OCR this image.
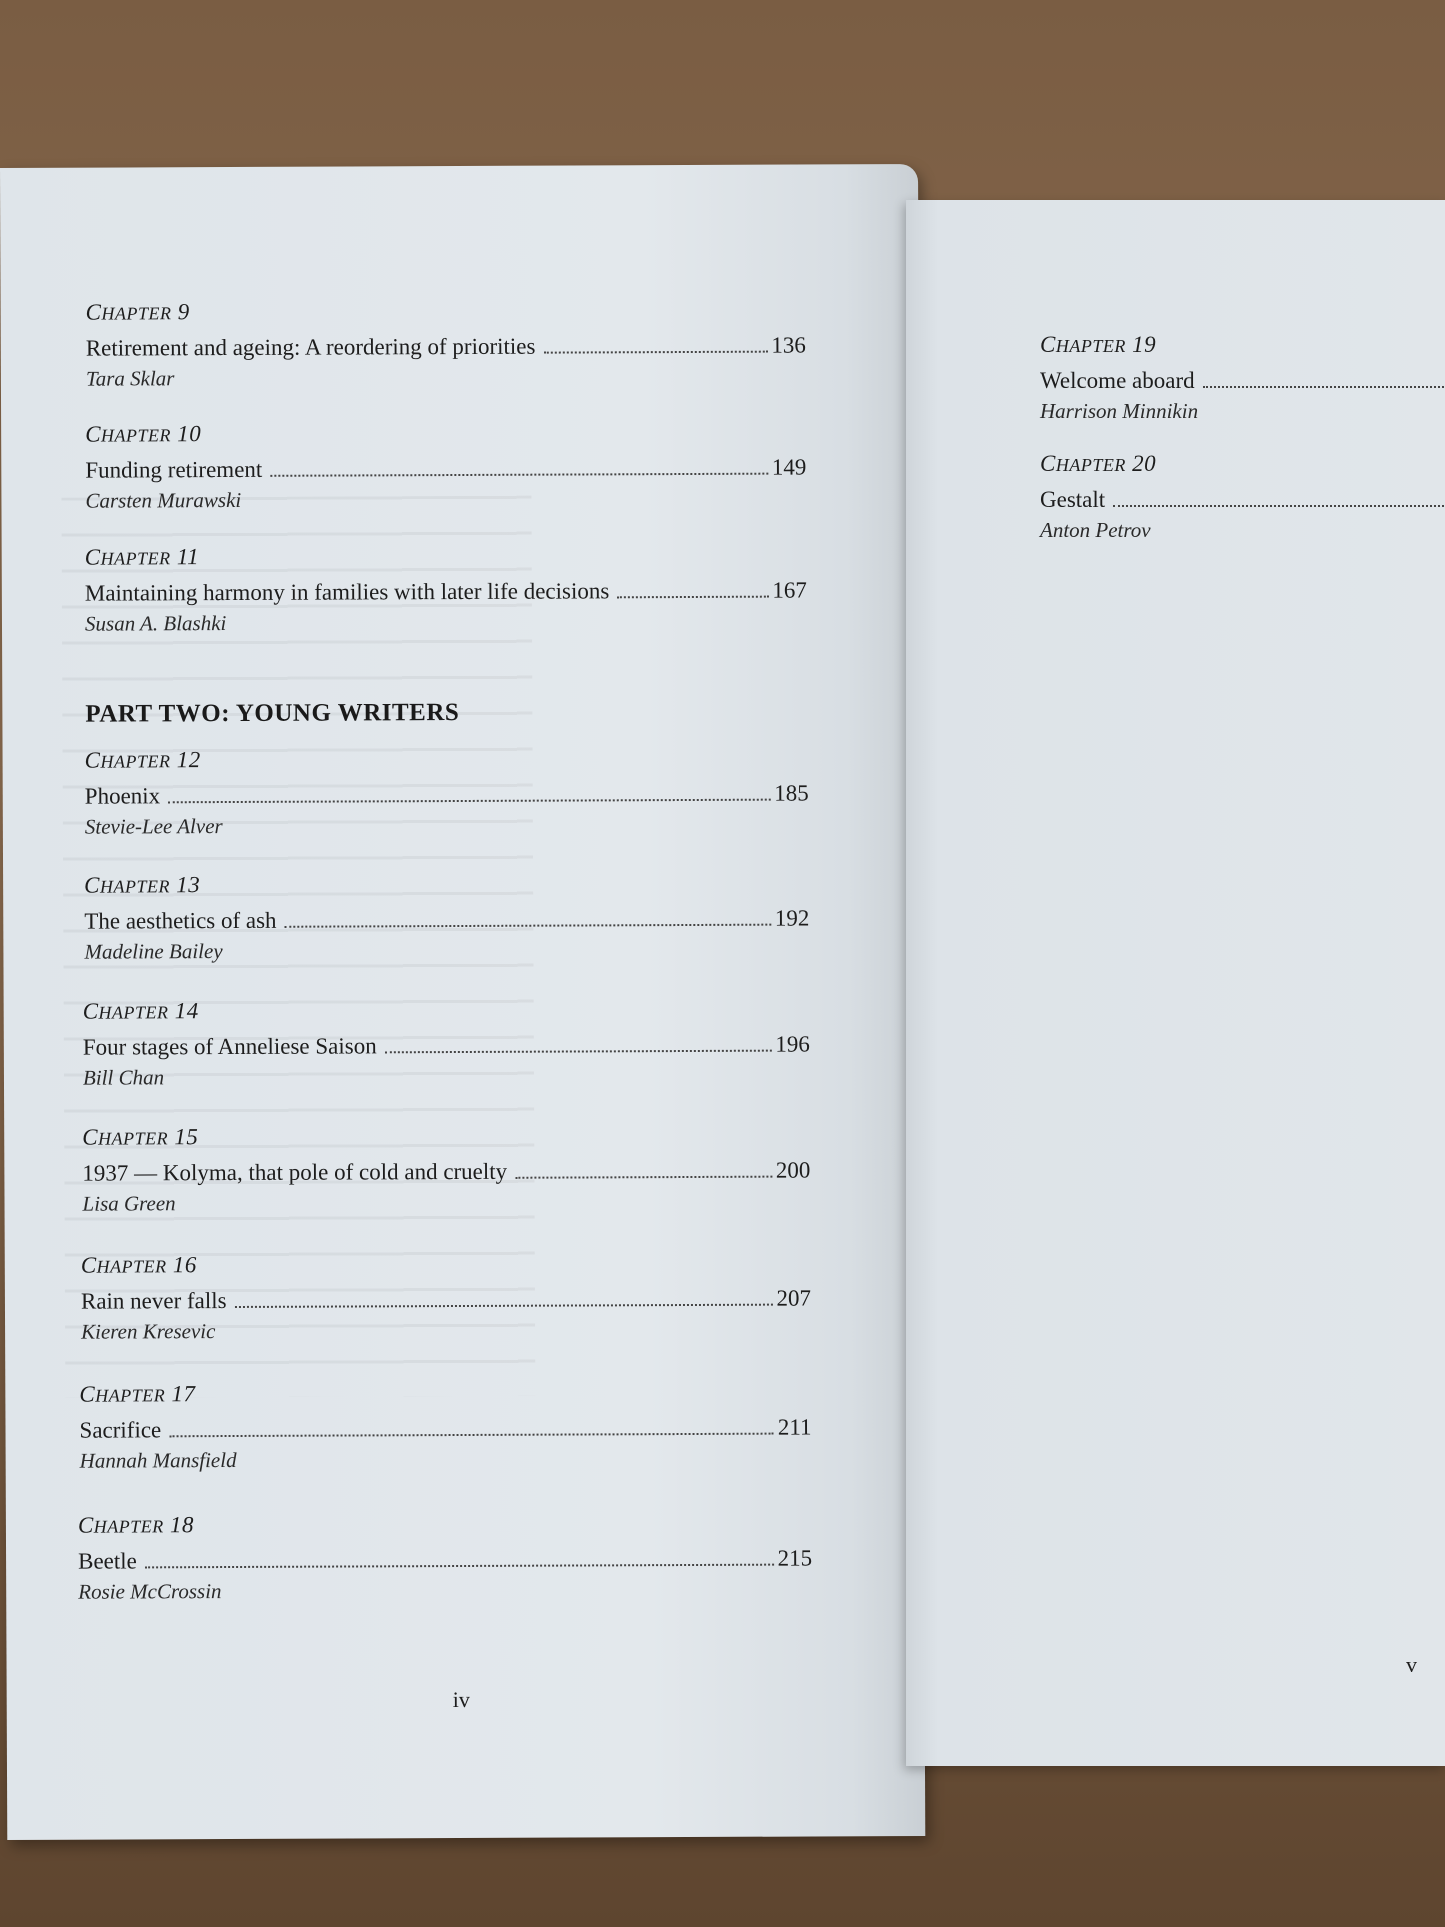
CHAPTER 9
Retirement and ageing: A reordering of priorities	136
Tara Sklar
CHAPTER 10
Funding retirement	149
Carsten Murawski
CHAPTER 11
Maintaining harmony in families with later life decisions	167
Susan A. Blashki
PART TWO: YOUNG WRITERS
CHAPTER 12
Phoenix	185
Stevie-Lee Alver
CHAPTER 13
The aesthetics of ash	192
Madeline Bailey
CHAPTER 14
Four stages of Anneliese Saison	196
Bill Chan
CHAPTER 15
1937 — Kolyma, that pole of cold and cruelty	200
Lisa Green
CHAPTER 16
Rain never falls	207
Kieren Kresevic
CHAPTER 17
Sacrifice	211
Hannah Mansfield
CHAPTER 18
Beetle	215
Rosie McCrossin
iv
CHAPTER 19
Welcome aboard
Harrison Minnikin
CHAPTER 20
Gestalt
Anton Petrov
v
